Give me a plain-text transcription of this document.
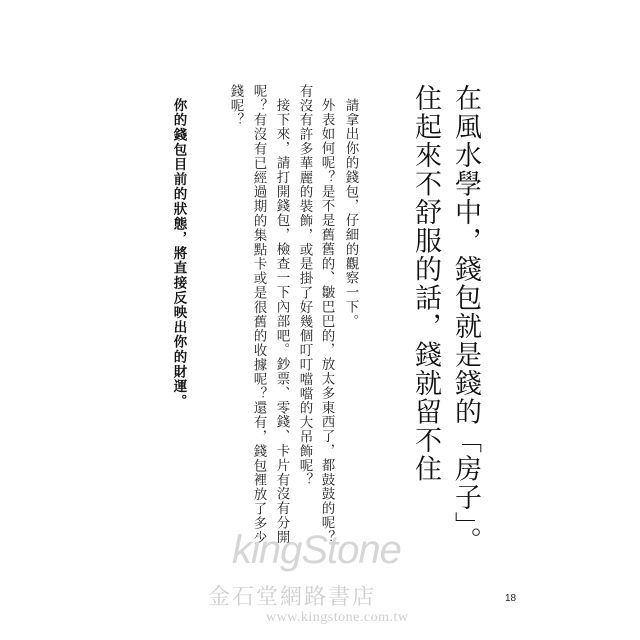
在風水學中，錢包就是錢的「房子」。
住起來不舒服的話，錢就留不住
請拿出你的錢包，仔細的觀察一下。
外表如何呢？是不是舊舊的、皺巴巴的，放太多東西了，都鼓鼓的呢？
有沒有許多華麗的裝飾，或是掛了好幾個叮叮噹噹的大吊飾呢？
接下來，請打開錢包，檢查一下內部吧。鈔票、零錢、卡片有沒有分開
呢？有沒有已經過期的集點卡或是很舊的收據呢？還有，錢包裡放了多少
錢呢？
你的錢包目前的狀態，將直接反映出你的財運。
kingStone
金石堂網路書店
www.kingstone.com.tw
18
